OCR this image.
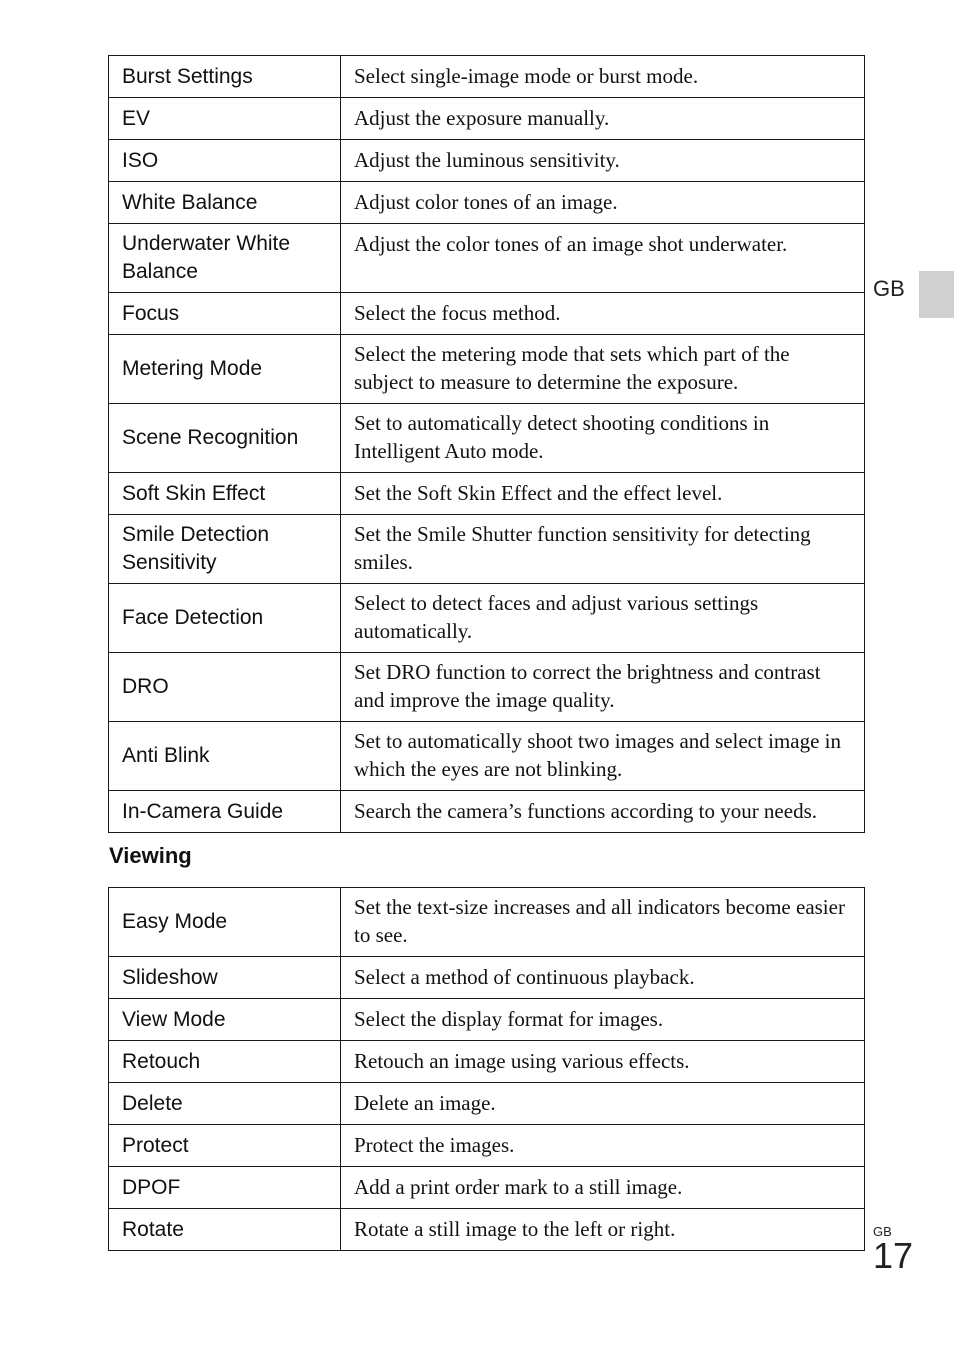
GB
Burst Settings	Select single-image mode or burst mode.
EV	Adjust the exposure manually.
ISO	Adjust the luminous sensitivity.
White Balance	Adjust color tones of an image.
Underwater White Balance	Adjust the color tones of an image shot underwater.
Focus	Select the focus method.
Metering Mode	Select the metering mode that sets which part of the subject to measure to determine the exposure.
Scene Recognition	Set to automatically detect shooting conditions in Intelligent Auto mode.
Soft Skin Effect	Set the Soft Skin Effect and the effect level.
Smile Detection Sensitivity	Set the Smile Shutter function sensitivity for detecting smiles.
Face Detection	Select to detect faces and adjust various settings automatically.
DRO	Set DRO function to correct the brightness and contrast and improve the image quality.
Anti Blink	Set to automatically shoot two images and select image in which the eyes are not blinking.
In-Camera Guide	Search the camera’s functions according to your needs.
Viewing
Easy Mode	Set the text-size increases and all indicators become easier to see.
Slideshow	Select a method of continuous playback.
View Mode	Select the display format for images.
Retouch	Retouch an image using various effects.
Delete	Delete an image.
Protect	Protect the images.
DPOF	Add a print order mark to a still image.
Rotate	Rotate a still image to the left or right.	GB
17
